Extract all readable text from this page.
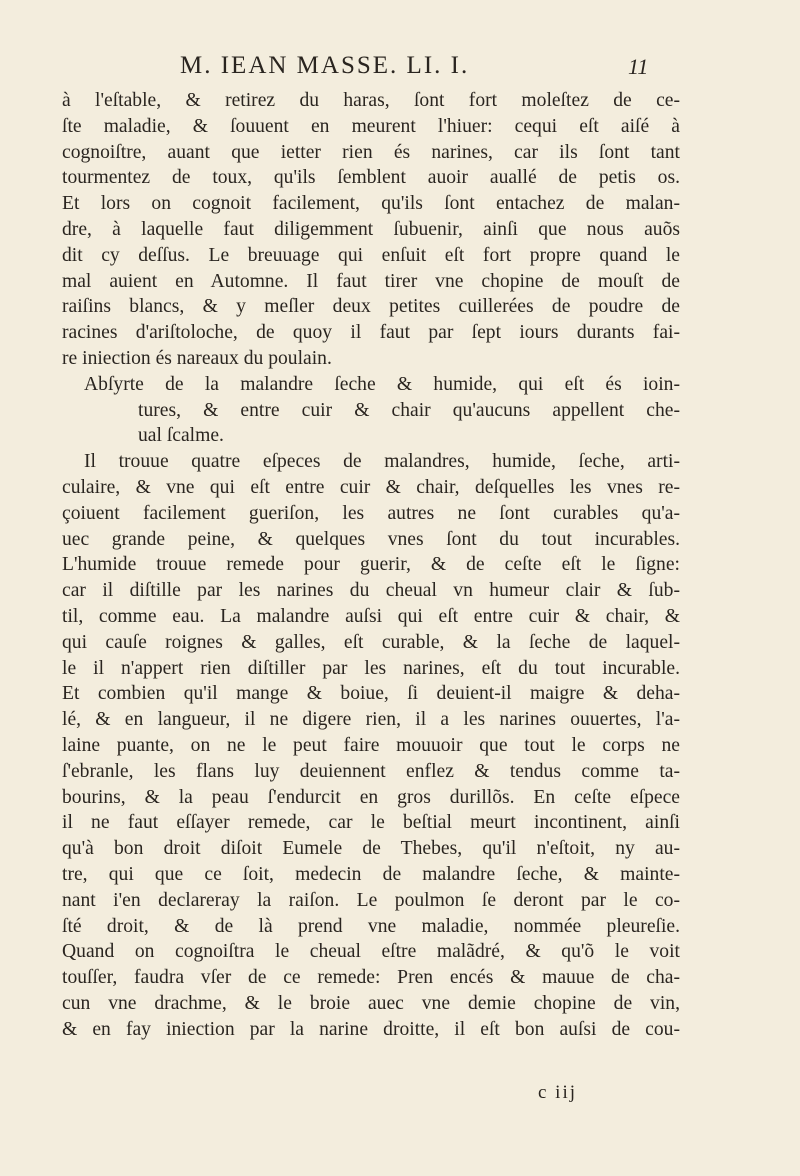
M. IEAN MASSE. LI. I.	11
à l'eſtable, & retirez du haras, ſont fort moleſtez de ce-
ſte maladie, & ſouuent en meurent l'hiuer: cequi eſt aiſé à
cognoiſtre, auant que ietter rien és narines, car ils ſont tant
tourmentez de toux, qu'ils ſemblent auoir auallé de petis os.
Et lors on cognoit facilement, qu'ils ſont entachez de malan-
dre, à laquelle faut diligemment ſubuenir, ainſi que nous auõs
dit cy deſſus. Le breuuage qui enſuit eſt fort propre quand le
mal auient en Automne. Il faut tirer vne chopine de mouſt de
raiſins blancs, & y meſler deux petites cuillerées de poudre de
racines d'ariſtoloche, de quoy il faut par ſept iours durants fai-
re iniection és nareaux du poulain.
Abſyrte de la malandre ſeche & humide, qui eſt és ioin-
tures, & entre cuir & chair qu'aucuns appellent che-
ual ſcalme.
Il trouue quatre eſpeces de malandres, humide, ſeche, arti-
culaire, & vne qui eſt entre cuir & chair, deſquelles les vnes re-
çoiuent facilement gueriſon, les autres ne ſont curables qu'a-
uec grande peine, & quelques vnes ſont du tout incurables.
L'humide trouue remede pour guerir, & de ceſte eſt le ſigne:
car il diſtille par les narines du cheual vn humeur clair & ſub-
til, comme eau. La malandre auſsi qui eſt entre cuir & chair, &
qui cauſe roignes & galles, eſt curable, & la ſeche de laquel-
le il n'appert rien diſtiller par les narines, eſt du tout incurable.
Et combien qu'il mange & boiue, ſi deuient-il maigre & deha-
lé, & en langueur, il ne digere rien, il a les narines ouuertes, l'a-
laine puante, on ne le peut faire mouuoir que tout le corps ne
ſ'ebranle, les flans luy deuiennent enflez & tendus comme ta-
bourins, & la peau ſ'endurcit en gros durillõs. En ceſte eſpece
il ne faut eſſayer remede, car le beſtial meurt incontinent, ainſi
qu'à bon droit diſoit Eumele de Thebes, qu'il n'eſtoit, ny au-
tre, qui que ce ſoit, medecin de malandre ſeche, & mainte-
nant i'en declareray la raiſon. Le poulmon ſe deront par le co-
ſté droit, & de là prend vne maladie, nommée pleureſie.
Quand on cognoiſtra le cheual eſtre malãdré, & qu'õ le voit
touſſer, faudra vſer de ce remede: Pren encés & mauue de cha-
cun vne drachme, & le broie auec vne demie chopine de vin,
& en fay iniection par la narine droitte, il eſt bon auſsi de cou-
c iij
